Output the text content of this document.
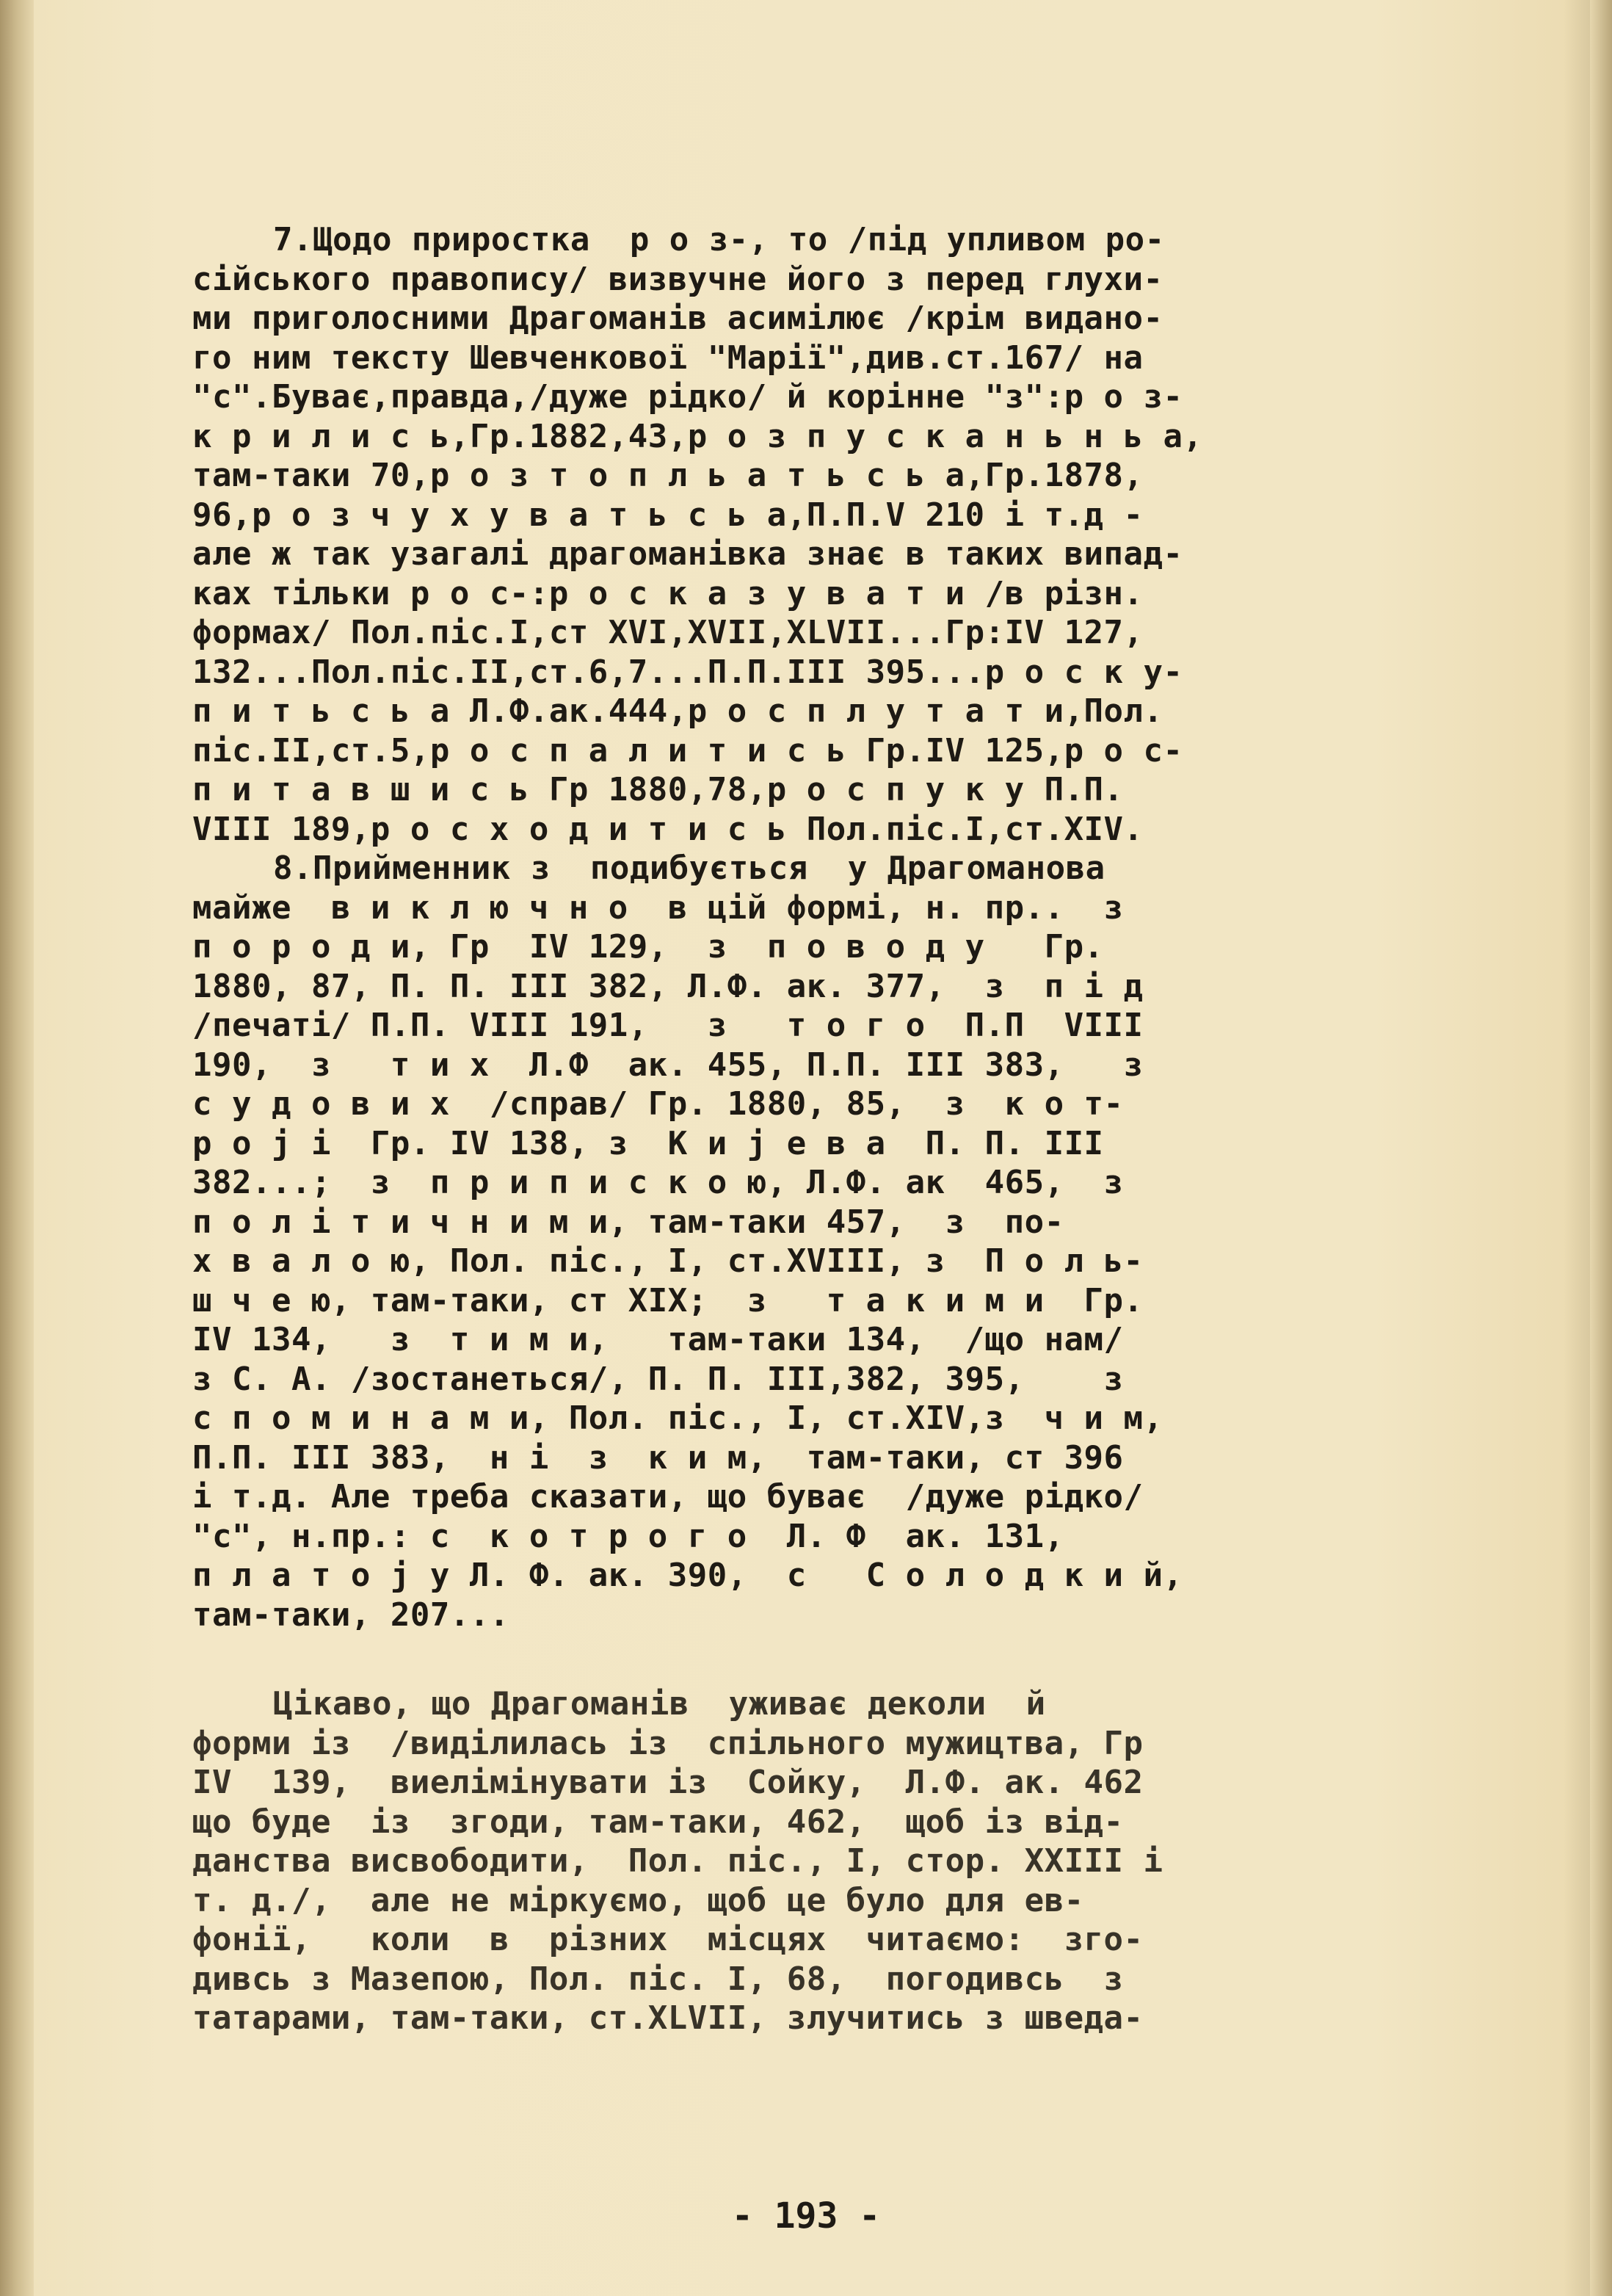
7.Щодо приростка  р о з-, то /під упливом ро-
сійського правопису/ визвучне його з перед глухи-
ми приголосними Драгоманів асимілює /крім видано-
го ним тексту Шевченкової "Марії",див.ст.167/ на
"с".Буває,правда,/дуже рідко/ й корінне "з":р о з-
к р и л и с ь,Гр.1882,43,р о з п у с к а н ь н ь а,
там-таки 70,р о з т о п л ь а т ь с ь а,Гр.1878,
96,р о з ч у х у в а т ь с ь а,П.П.V 210 і т.д -
але ж так узагалі драгоманівка знає в таких випад-
ках тільки р о с-:р о с к а з у в а т и /в різн.
формах/ Пол.піс.I,ст XVI,XVII,XLVII...Гр:IV 127,
132...Пол.піс.II,ст.6,7...П.П.III 395...р о с к у-
п и т ь с ь а Л.Ф.ак.444,р о с п л у т а т и,Пол.
піс.II,ст.5,р о с п а л и т и с ь Гр.IV 125,р о с-
п и т а в ш и с ь Гр 1880,78,р о с п у к у П.П.
VIII 189,р о с х о д и т и с ь Пол.піс.I,ст.XIV.
8.Прийменник з  подибується  у Драгоманова
майже  в и к л ю ч н о  в цій формі, н. пр..  з
п о р о д и, Гр  IV 129,  з  п о в о д у   Гр.
1880, 87, П. П. III 382, Л.Ф. ак. 377,  з  п і д
/печаті/ П.П. VIII 191,   з   т о г о  П.П  VIII
190,  з   т и х  Л.Ф  ак. 455, П.П. III 383,   з
с у д о в и х  /справ/ Гр. 1880, 85,  з  к о т-
р о j і  Гр. IV 138, з  К и j е в а  П. П. III
382...;  з  п р и п и с к о ю, Л.Ф. ак  465,  з
п о л і т и ч н и м и, там-таки 457,  з  по-
х в а л о ю, Пол. піс., I, ст.XVIII, з  П о л ь-
ш ч е ю, там-таки, ст XIX;  з   т а к и м и  Гр.
IV 134,   з  т и м и,   там-таки 134,  /що нам/
з С. А. /зостанеться/, П. П. III,382, 395,    з
с п о м и н а м и, Пол. піс., I, ст.XIV,з  ч и м,
П.П. III 383,  н і  з  к и м,  там-таки, ст 396
і т.д. Але треба сказати, що буває  /дуже рідко/
"с", н.пр.: с  к о т р о г о  Л. Ф  ак. 131,
п л а т о j у Л. Ф. ак. 390,  с   С о л о д к и й,
там-таки, 207...
Цікаво, що Драгоманів  уживає деколи  й
форми із  /виділилась із  спільного мужицтва, Гр
IV  139,  виелімінувати із  Сойку,  Л.Ф. ак. 462
що буде  із  згоди, там-таки, 462,  щоб із від-
данства висвободити,  Пол. піс., I, стор. XXIII і
т. д./,  але не міркуємо, щоб це було для ев-
фонії,   коли  в  різних  місцях  читаємо:  зго-
дивсь з Мазепою, Пол. піс. I, 68,  погодивсь  з
татарами, там-таки, ст.XLVII, злучитись з шведа-
- 193 -
